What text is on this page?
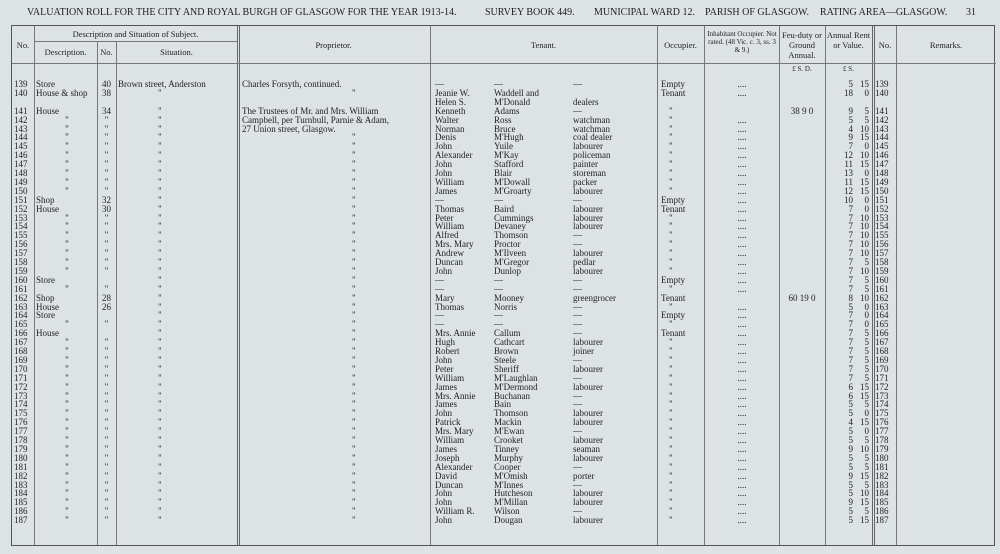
VALUATION ROLL FOR THE CITY AND ROYAL BURGH OF GLASGOW FOR THE YEAR 1913-14.	SURVEY BOOK 449. MUNICIPAL WARD 12. PARISH OF GLASGOW. RATING AREA—GLASGOW. 31
No.
Description and Situation of Subject.
Description.	No.	Situation.
Proprietor.	Tenant.	Occupier.
Inhabitant Occupier. Not rated. (48 Vic. c. 3, ss. 3 & 9.)
Feu-duty or Ground Annual.
Annual Rent or Value.	No.	Remarks.
£ S. D.	£ S.
139 Store	40 Brown street, Anderston	Charles Forsyth, continued.	—	—	—	Empty	....	5 15 139
140 House & shop	38	"	"	Jeanie W.	Waddell and	Tenant	....	18	0 140
Helen S.	M'Donald	dealers
141 House	34	"	The Trustees of Mr. and Mrs. William	Kenneth	Adams	—	"	38 9 0	9	5 141
142	"	"	"	Campbell, per Turnbull, Parnie & Adam,	Walter	Ross	watchman	"	....	5	5 142
143	"	"	"	27 Union street, Glasgow.	Norman	Bruce	watchman	"	....	4 10 143
144	"	"	"	"	Denis	M'Hugh	coal dealer	"	....	9 15 144
145	"	"	"	"	John	Yuile	labourer	"	....	7	0 145
146	"	"	"	"	Alexander	M'Kay	policeman	"	....	12 10 146
147	"	"	"	"	John	Stafford	painter	"	....	11 15 147
148	"	"	"	"	John	Blair	storeman	"	....	13	0 148
149	"	"	"	"	William	M'Dowall	packer	"	....	11 15 149
150	"	"	"	"	James	M'Groarty	labourer	"	....	12 15 150
151 Shop	32	"	"	—	—	—	Empty	....	10	0 151
152 House	30	"	"	Thomas	Baird	labourer	Tenant	....	7	0 152
153	"	"	"	"	Peter	Cummings	labourer	"	....	7 10 153
154	"	"	"	"	William	Devaney	labourer	"	....	7 10 154
155	"	"	"	"	Alfred	Thomson	—	"	....	7 10 155
156	"	"	"	"	Mrs. Mary	Proctor	—	"	....	7 10 156
157	"	"	"	"	Andrew	M'Ilveen	labourer	"	....	7 10 157
158	"	"	"	"	Duncan	M'Gregor	pedlar	"	....	7	5 158
159	"	"	"	"	John	Dunlop	labourer	"	....	7 10 159
160 Store	"	"	—	—	—	Empty	....	7	5 160
161	"	"	"	"	—	—	—	"	....	7	5 161
162 Shop	28	"	"	Mary	Mooney	greengrocer	Tenant	60 19 0	8 10 162
163 House	26	"	"	Thomas	Norris	—	"	....	5	0 163
164 Store	"	"	—	—	—	Empty	....	7	0 164
165	"	"	"	"	—	—	—	"	....	7	0 165
166 House	"	"	Mrs. Annie	Callum	—	Tenant	....	7	5 166
167	"	"	"	"	Hugh	Cathcart	labourer	"	....	7	5 167
168	"	"	"	"	Robert	Brown	joiner	"	....	7	5 168
169	"	"	"	"	John	Steele	—	"	....	7	5 169
170	"	"	"	"	Peter	Sheriff	labourer	"	....	7	5 170
171	"	"	"	"	William	M'Laughlan	—	"	....	7	5 171
172	"	"	"	"	James	M'Dermond	labourer	"	....	6 15 172
173	"	"	"	"	Mrs. Annie	Buchanan	—	"	....	6 15 173
174	"	"	"	"	James	Bain	—	"	....	5	5 174
175	"	"	"	"	John	Thomson	labourer	"	....	5	0 175
176	"	"	"	"	Patrick	Mackin	labourer	"	....	4 15 176
177	"	"	"	"	Mrs. Mary	M'Ewan	—	"	....	5	0 177
178	"	"	"	"	William	Crooket	labourer	"	....	5	5 178
179	"	"	"	"	James	Tinney	seaman	"	....	9 10 179
180	"	"	"	"	Joseph	Murphy	labourer	"	....	5	5 180
181	"	"	"	"	Alexander	Cooper	—	"	....	5	5 181
182	"	"	"	"	David	M'Omish	porter	"	....	9 15 182
183	"	"	"	"	Duncan	M'Innes	—	"	....	5	5 183
184	"	"	"	"	John	Hutcheson	labourer	"	....	5 10 184
185	"	"	"	"	John	M'Millan	labourer	"	....	9 15 185
186	"	"	"	"	William R.	Wilson	—	"	....	5	5 186
187	"	"	"	"	John	Dougan	labourer	"	....	5 15 187
